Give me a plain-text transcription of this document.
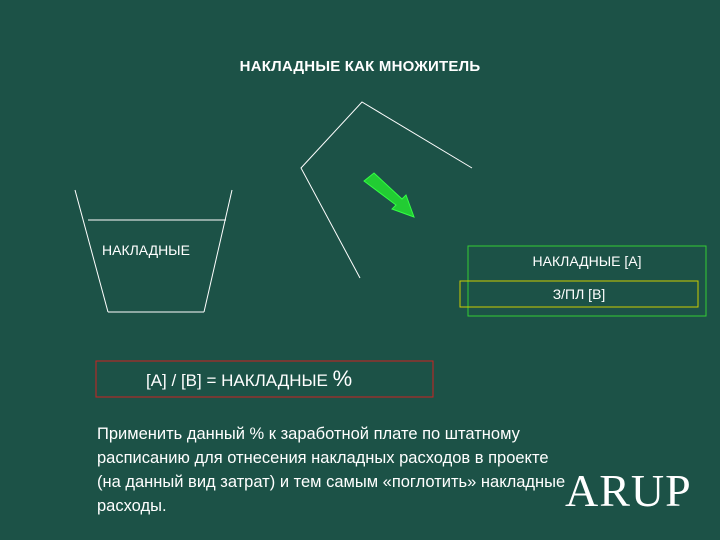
НАКЛАДНЫЕ КАК МНОЖИТЕЛЬ
НАКЛАДНЫЕ
НАКЛАДНЫЕ [А]
З/ПЛ [В]
[А] / [В] = НАКЛАДНЫЕ %
Применить данный % к заработной плате по штатному расписанию для отнесения накладных расходов в проекте (на данный вид затрат) и тем самым «поглотить» накладные расходы.	ARUP
